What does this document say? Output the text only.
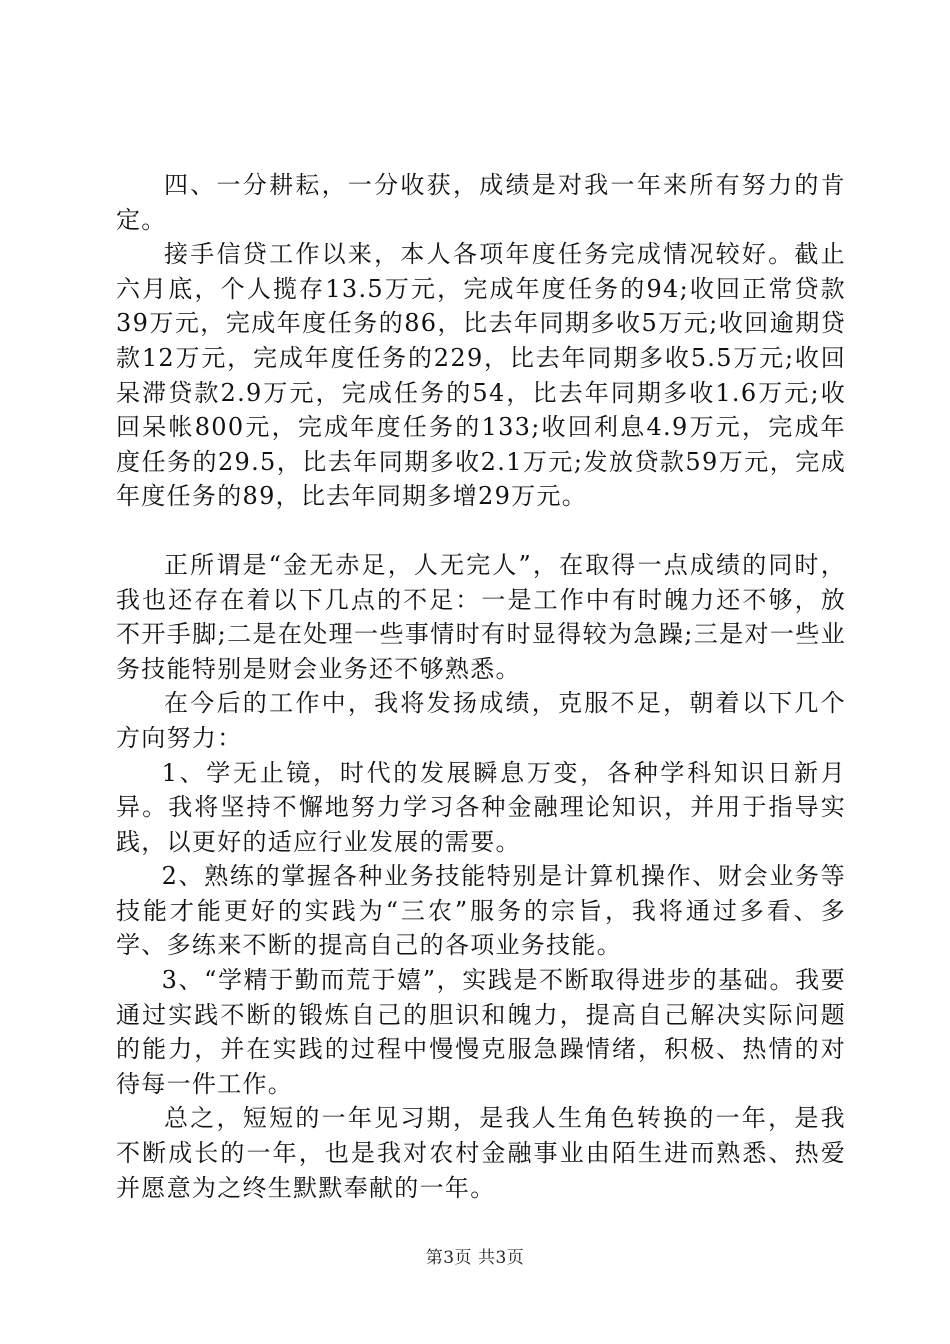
四、一分耕耘，一分收获，成绩是对我一年来所有努力的肯定。

接手信贷工作以来，本人各项年度任务完成情况较好。截止六月底，个人揽存13.5万元，完成年度任务的94;收回正常贷款39万元，完成年度任务的86，比去年同期多收5万元;收回逾期贷款12万元，完成年度任务的229，比去年同期多收5.5万元;收回呆滞贷款2.9万元，完成任务的54，比去年同期多收1.6万元;收回呆帐800元，完成年度任务的133;收回利息4.9万元，完成年度任务的29.5，比去年同期多收2.1万元;发放贷款59万元，完成年度任务的89，比去年同期多增29万元。

正所谓是“金无赤足，人无完人”，在取得一点成绩的同时，我也还存在着以下几点的不足：一是工作中有时魄力还不够，放不开手脚;二是在处理一些事情时有时显得较为急躁;三是对一些业务技能特别是财会业务还不够熟悉。

在今后的工作中，我将发扬成绩，克服不足，朝着以下几个方向努力：

1、学无止镜，时代的发展瞬息万变，各种学科知识日新月异。我将坚持不懈地努力学习各种金融理论知识，并用于指导实践，以更好的适应行业发展的需要。

2、熟练的掌握各种业务技能特别是计算机操作、财会业务等技能才能更好的实践为“三农”服务的宗旨，我将通过多看、多学、多练来不断的提高自己的各项业务技能。

3、“学精于勤而荒于嬉”，实践是不断取得进步的基础。我要通过实践不断的锻炼自己的胆识和魄力，提高自己解决实际问题的能力，并在实践的过程中慢慢克服急躁情绪，积极、热情的对待每一件工作。

总之，短短的一年见习期，是我人生角色转换的一年，是我不断成长的一年，也是我对农村金融事业由陌生进而熟悉、热爱并愿意为之终生默默奉献的一年。

第3页 共3页
